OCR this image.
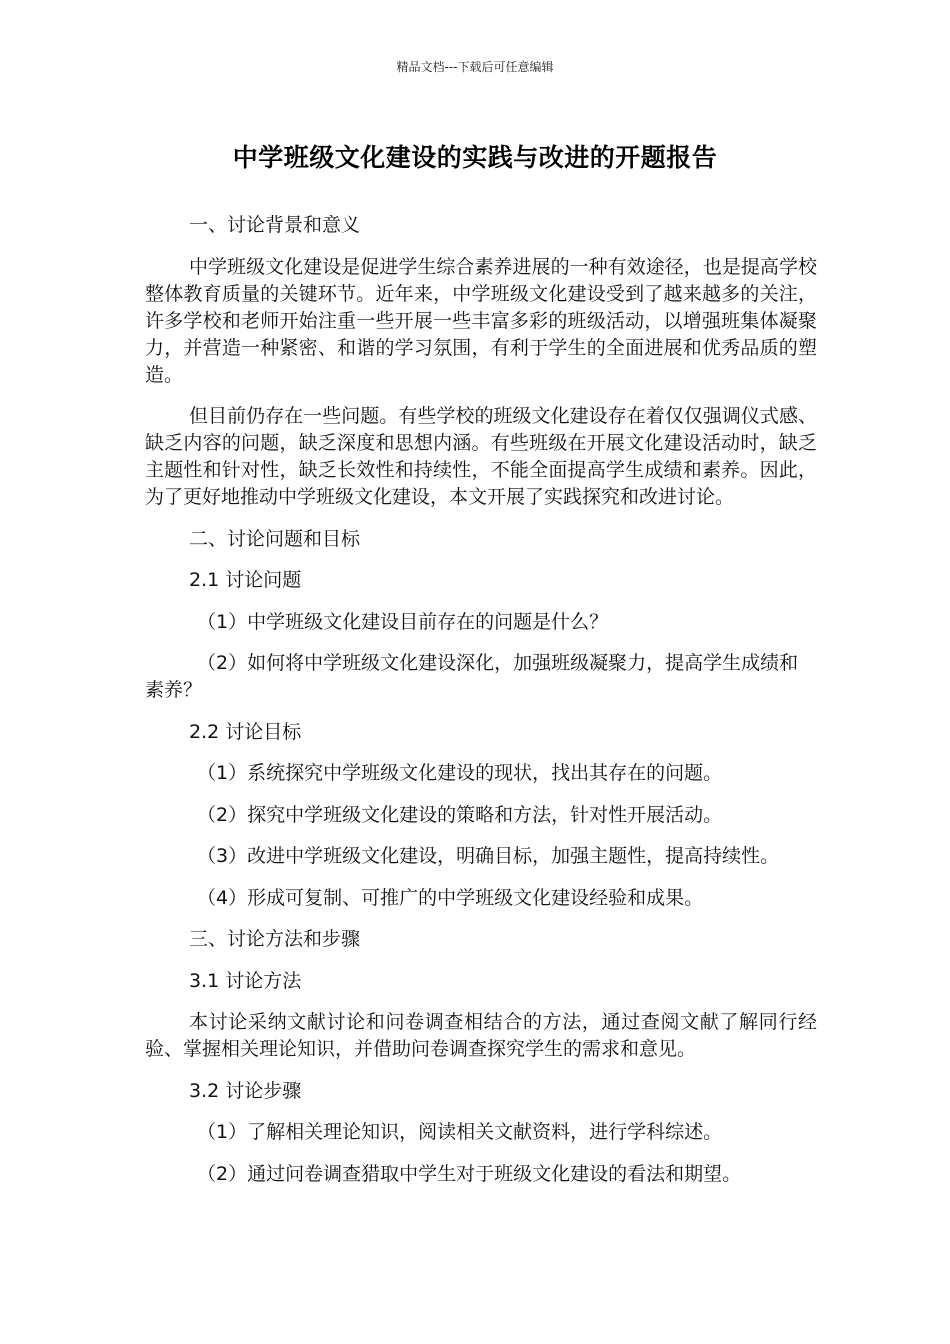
精品文档---下载后可任意编辑
中学班级文化建设的实践与改进的开题报告
一、讨论背景和意义
中学班级文化建设是促进学生综合素养进展的一种有效途径，也是提高学校整体教育质量的关键环节。近年来，中学班级文化建设受到了越来越多的关注，许多学校和老师开始注重一些开展一些丰富多彩的班级活动，以增强班集体凝聚力，并营造一种紧密、和谐的学习氛围，有利于学生的全面进展和优秀品质的塑造。
但目前仍存在一些问题。有些学校的班级文化建设存在着仅仅强调仪式感、缺乏内容的问题，缺乏深度和思想内涵。有些班级在开展文化建设活动时，缺乏主题性和针对性，缺乏长效性和持续性，不能全面提高学生成绩和素养。因此，为了更好地推动中学班级文化建设，本文开展了实践探究和改进讨论。
二、讨论问题和目标
2.1 讨论问题
（1）中学班级文化建设目前存在的问题是什么？
（2）如何将中学班级文化建设深化，加强班级凝聚力，提高学生成绩和素养？
2.2 讨论目标
（1）系统探究中学班级文化建设的现状，找出其存在的问题。
（2）探究中学班级文化建设的策略和方法，针对性开展活动。
（3）改进中学班级文化建设，明确目标，加强主题性，提高持续性。
（4）形成可复制、可推广的中学班级文化建设经验和成果。
三、讨论方法和步骤
3.1 讨论方法
本讨论采纳文献讨论和问卷调查相结合的方法，通过查阅文献了解同行经验、掌握相关理论知识，并借助问卷调查探究学生的需求和意见。
3.2 讨论步骤
（1）了解相关理论知识，阅读相关文献资料，进行学科综述。
（2）通过问卷调查猎取中学生对于班级文化建设的看法和期望。
